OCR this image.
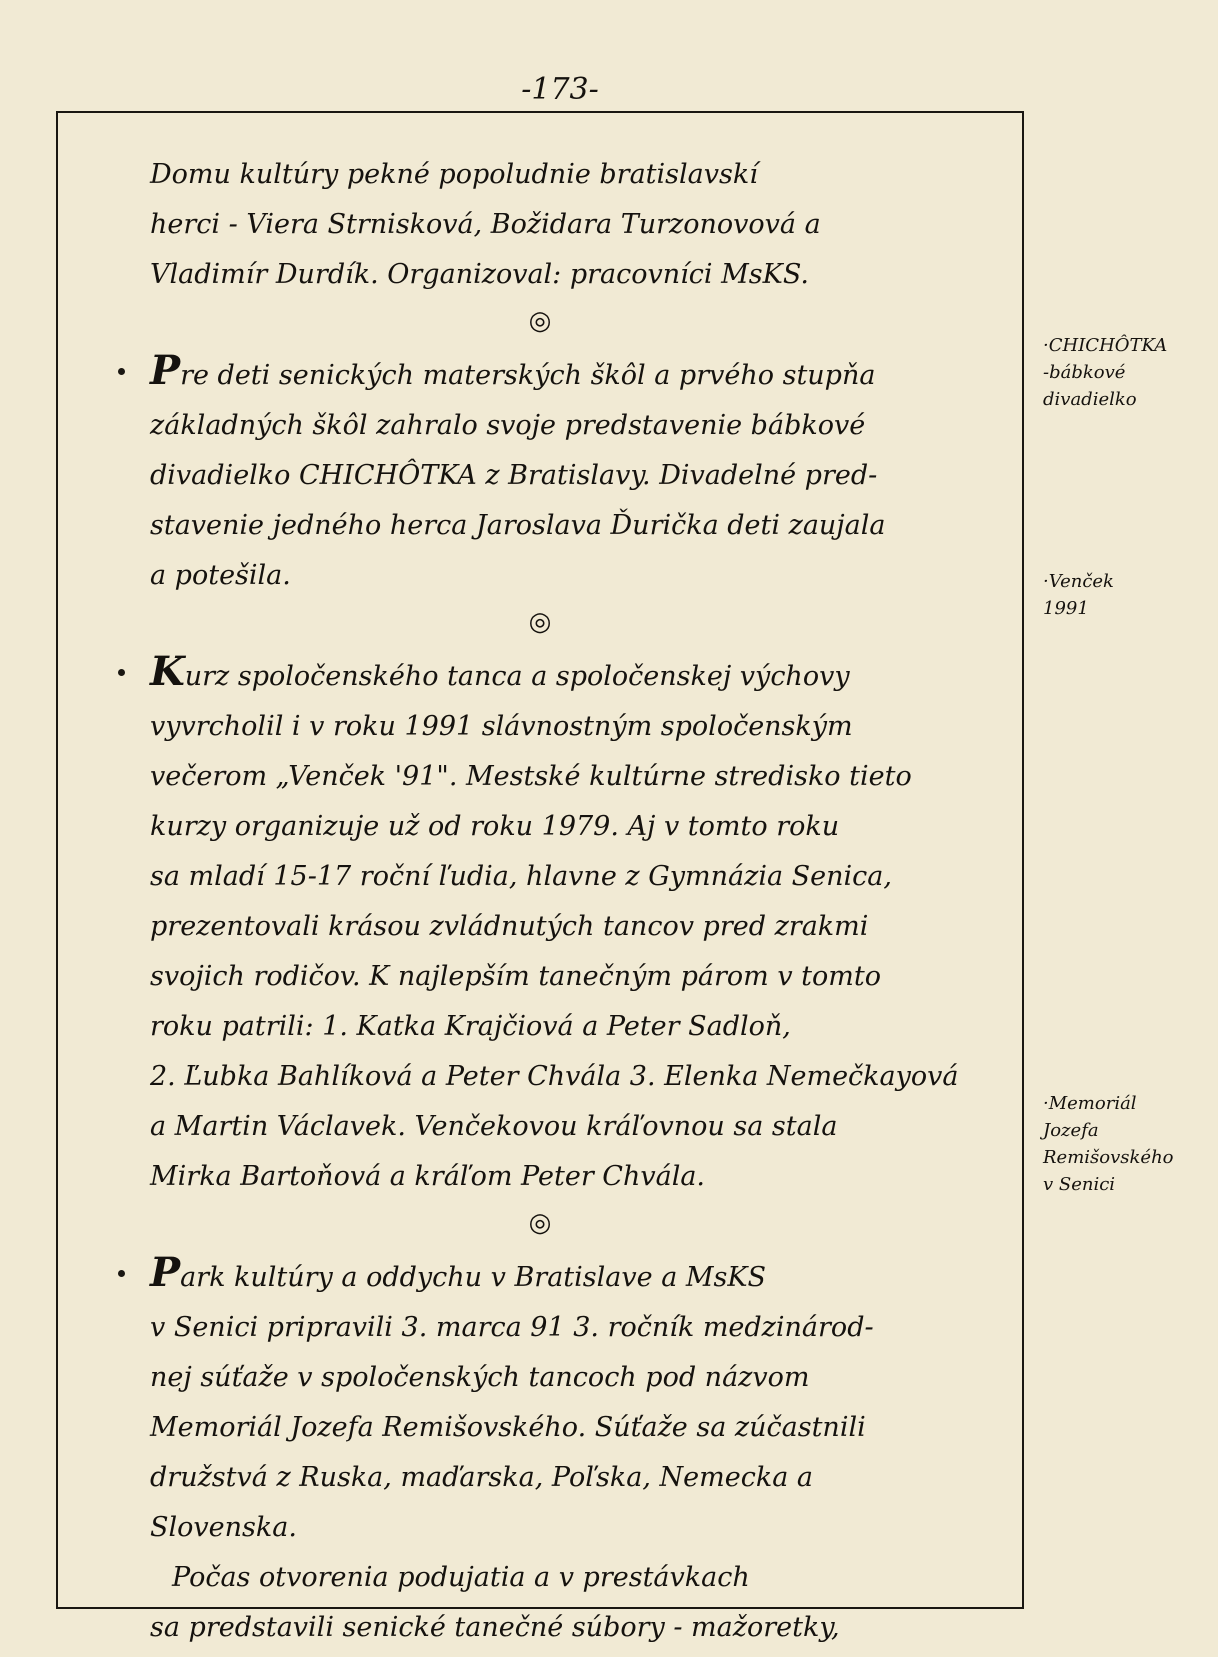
-173-
Domu kultúry pekné popoludnie bratislavskí
herci - Viera Strnisková, Božidara Turzonovová a
Vladimír Durdík. Organizoval: pracovníci MsKS.
◎
Pre deti senických materských škôl a prvého stupňa
základných škôl zahralo svoje predstavenie bábkové
divadielko CHICHÔTKA z Bratislavy. Divadelné pred-
stavenie jedného herca Jaroslava Ďuričkа deti zaujala
a potešila.
◎
Kurz spoločenského tanca a spoločenskej výchovy
vyvrcholil i v roku 1991 slávnostným spoločenským
večerom „Venček '91". Mestské kultúrne stredisko tieto
kurzy organizuje už od roku 1979. Aj v tomto roku
sa mladí 15-17 roční ľudia, hlavne z Gymnázia Senica,
prezentovali krásou zvládnutých tancov pred zrakmi
svojich rodičov. K najlepším tanečným párom v tomto
roku patrili: 1. Katka Krajčiová a Peter Sadloň,
2. Ľubka Bahlíková a Peter Chvála 3. Elenka Nemečkayová
a Martin Václavek. Venčekovou kráľovnou sa stala
Mirka Bartoňová a kráľom Peter Chvála.
◎
Park kultúry a oddychu v Bratislave a MsKS
v Senici pripravili 3. marca 91 3. ročník medzinárod-
nej súťaže v spoločenských tancoch pod názvom
Memoriál Jozefa Remišovského. Súťaže sa zúčastnili
družstvá z Ruska, maďarska, Poľska, Nemecka a
Slovenska.
Počas otvorenia podujatia a v prestávkach
sa predstavili senické tanečné súbory - mažoretky,
·CHICHÔTKA
-bábkové
divadielko
·Venček
1991
·Memoriál
Jozefa
Remišovského
v Senici
